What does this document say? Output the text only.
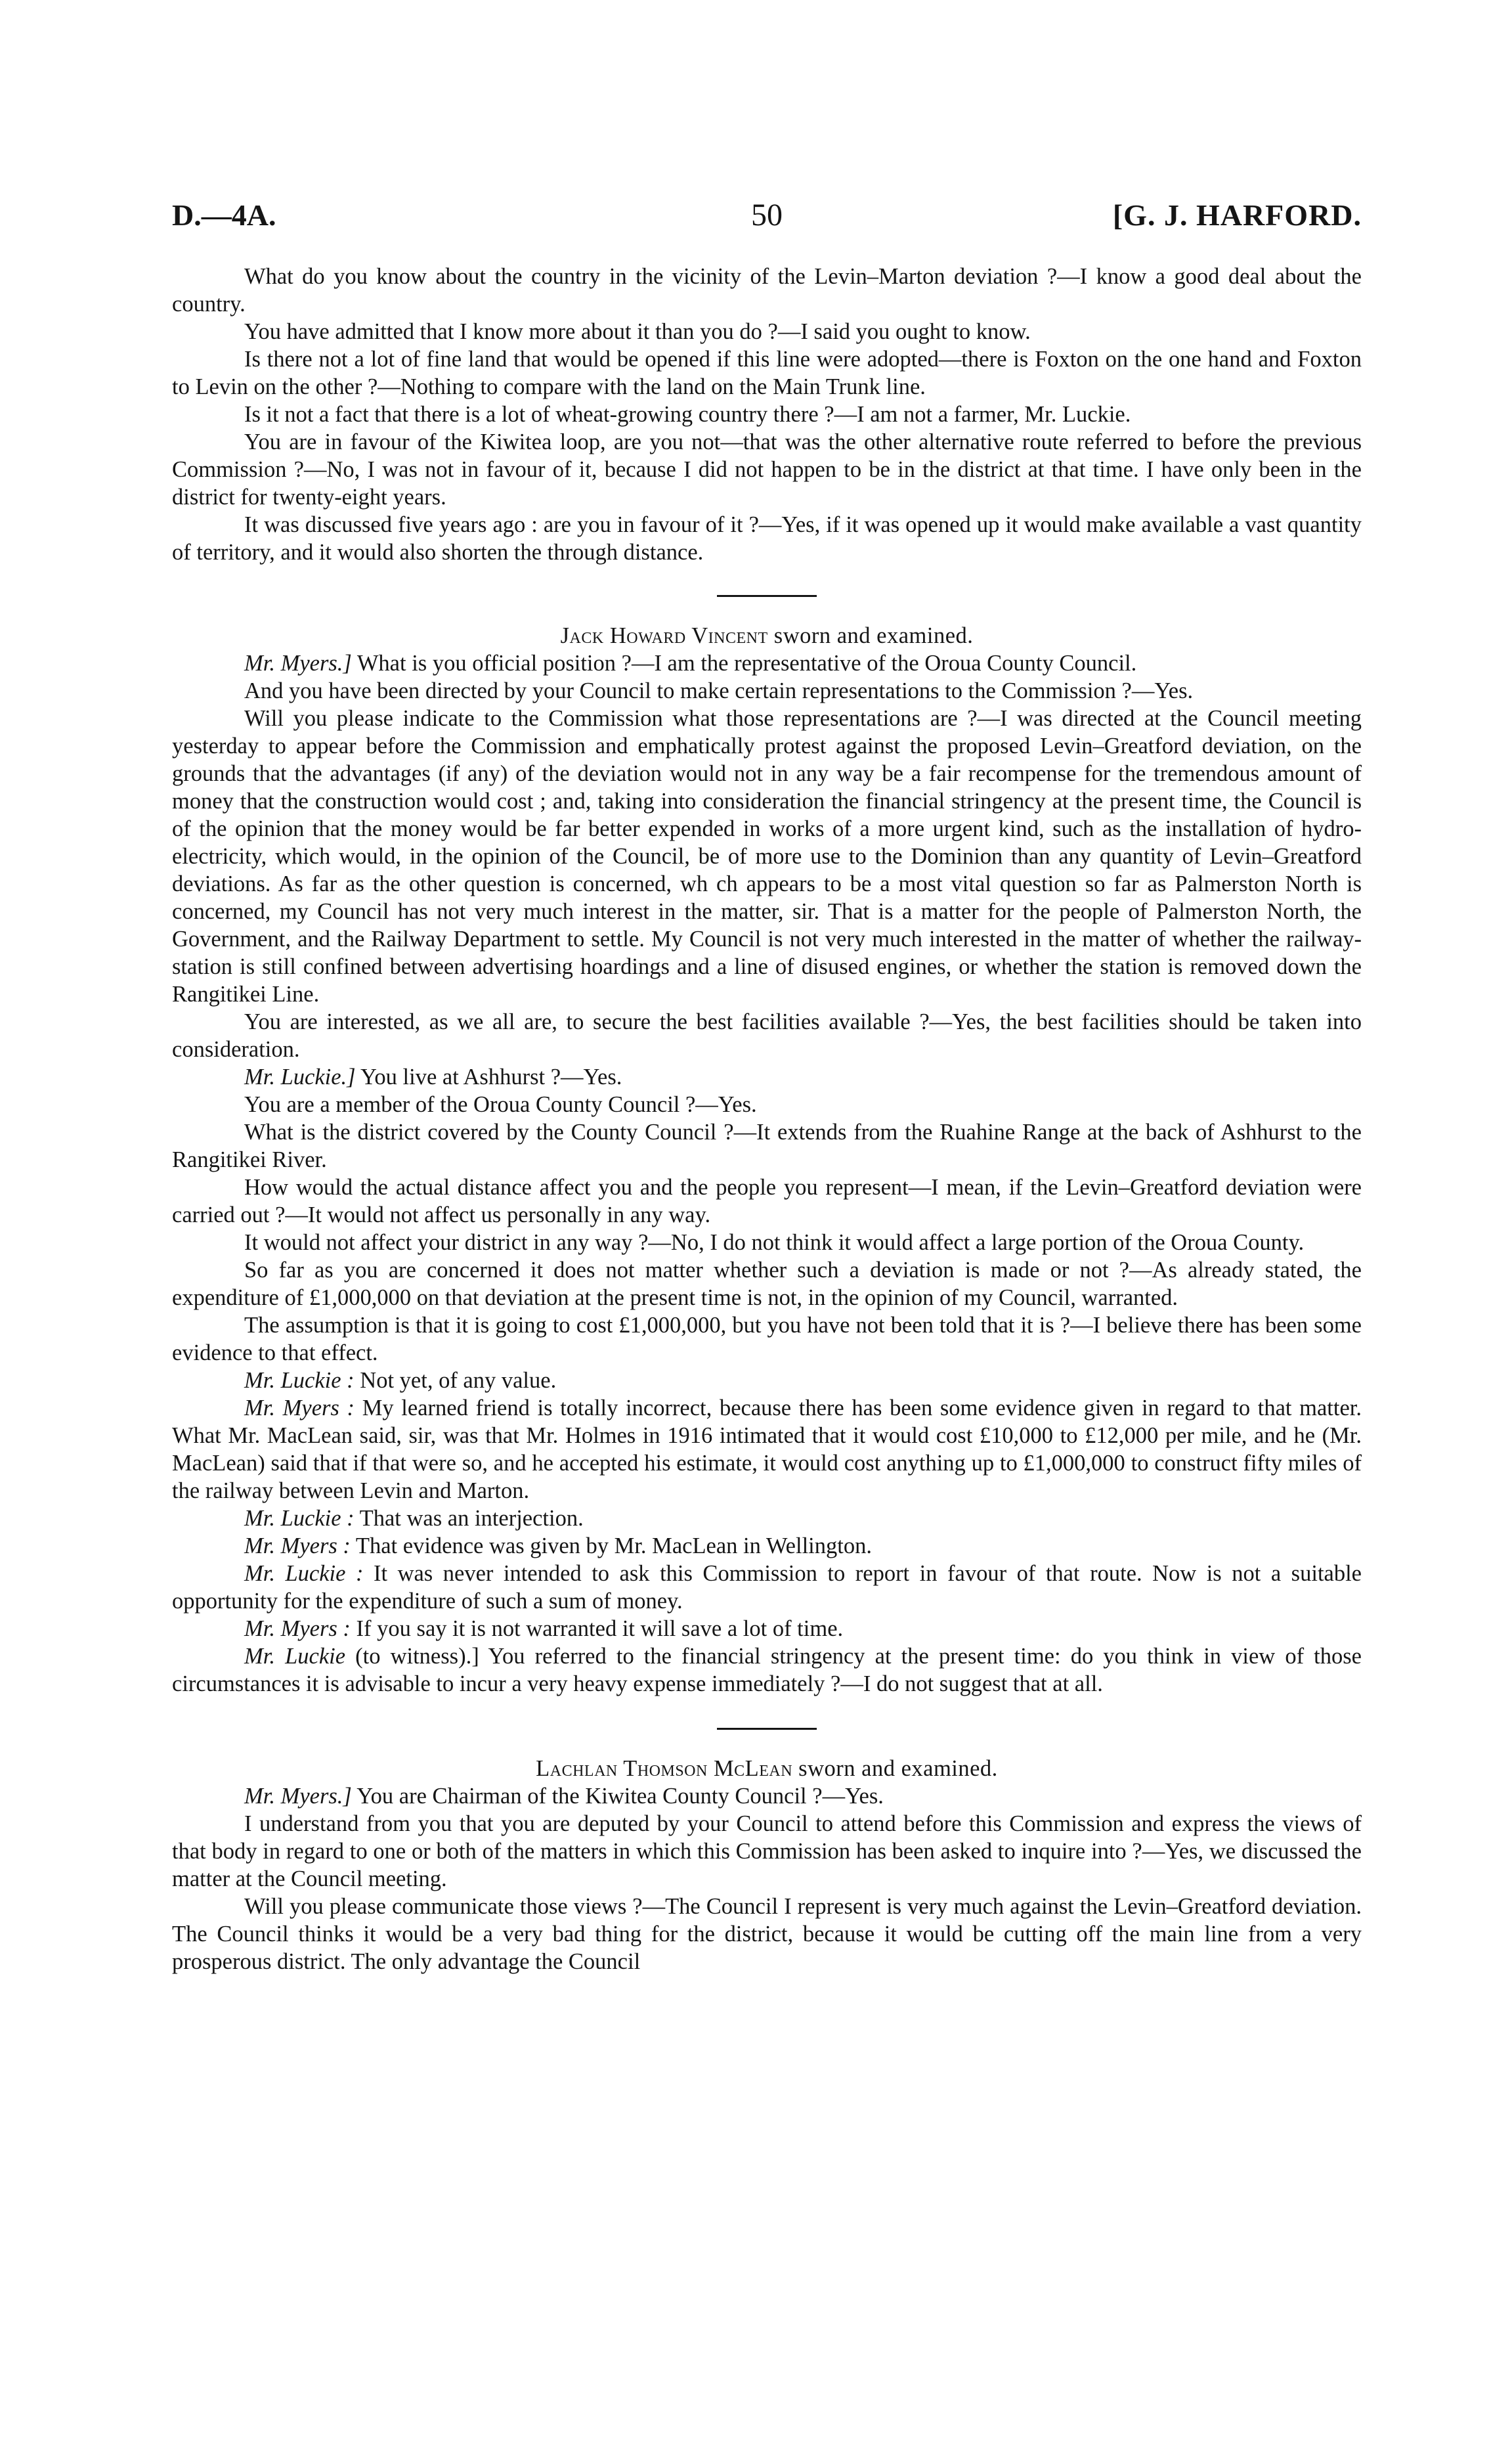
D.—4A.	50	[G. J. HARFORD.

What do you know about the country in the vicinity of the Levin–Marton deviation ?—I know a good deal about the country.

You have admitted that I know more about it than you do ?—I said you ought to know.

Is there not a lot of fine land that would be opened if this line were adopted—there is Foxton on the one hand and Foxton to Levin on the other ?—Nothing to compare with the land on the Main Trunk line.

Is it not a fact that there is a lot of wheat-growing country there ?—I am not a farmer, Mr. Luckie.

You are in favour of the Kiwitea loop, are you not—that was the other alternative route referred to before the previous Commission ?—No, I was not in favour of it, because I did not happen to be in the district at that time. I have only been in the district for twenty-eight years.

It was discussed five years ago : are you in favour of it ?—Yes, if it was opened up it would make available a vast quantity of territory, and it would also shorten the through distance.

Jack Howard Vincent sworn and examined.

Mr. Myers.] What is you official position ?—I am the representative of the Oroua County Council.

And you have been directed by your Council to make certain representations to the Commission ?—Yes.

Will you please indicate to the Commission what those representations are ?—I was directed at the Council meeting yesterday to appear before the Commission and emphatically protest against the proposed Levin–Greatford deviation, on the grounds that the advantages (if any) of the deviation would not in any way be a fair recompense for the tremendous amount of money that the construction would cost ; and, taking into consideration the financial stringency at the present time, the Council is of the opinion that the money would be far better expended in works of a more urgent kind, such as the installation of hydro-electricity, which would, in the opinion of the Council, be of more use to the Dominion than any quantity of Levin–Greatford deviations. As far as the other question is concerned, wh ch appears to be a most vital question so far as Palmerston North is concerned, my Council has not very much interest in the matter, sir. That is a matter for the people of Palmerston North, the Government, and the Railway Department to settle. My Council is not very much interested in the matter of whether the railway-station is still confined between advertising hoardings and a line of disused engines, or whether the station is removed down the Rangitikei Line.

You are interested, as we all are, to secure the best facilities available ?—Yes, the best facilities should be taken into consideration.

Mr. Luckie.] You live at Ashhurst ?—Yes.

You are a member of the Oroua County Council ?—Yes.

What is the district covered by the County Council ?—It extends from the Ruahine Range at the back of Ashhurst to the Rangitikei River.

How would the actual distance affect you and the people you represent—I mean, if the Levin–Greatford deviation were carried out ?—It would not affect us personally in any way.

It would not affect your district in any way ?—No, I do not think it would affect a large portion of the Oroua County.

So far as you are concerned it does not matter whether such a deviation is made or not ?—As already stated, the expenditure of £1,000,000 on that deviation at the present time is not, in the opinion of my Council, warranted.

The assumption is that it is going to cost £1,000,000, but you have not been told that it is ?—I believe there has been some evidence to that effect.

Mr. Luckie : Not yet, of any value.

Mr. Myers : My learned friend is totally incorrect, because there has been some evidence given in regard to that matter. What Mr. MacLean said, sir, was that Mr. Holmes in 1916 intimated that it would cost £10,000 to £12,000 per mile, and he (Mr. MacLean) said that if that were so, and he accepted his estimate, it would cost anything up to £1,000,000 to construct fifty miles of the railway between Levin and Marton.

Mr. Luckie : That was an interjection.

Mr. Myers : That evidence was given by Mr. MacLean in Wellington.

Mr. Luckie : It was never intended to ask this Commission to report in favour of that route. Now is not a suitable opportunity for the expenditure of such a sum of money.

Mr. Myers : If you say it is not warranted it will save a lot of time.

Mr. Luckie (to witness).] You referred to the financial stringency at the present time: do you think in view of those circumstances it is advisable to incur a very heavy expense immediately ?—I do not suggest that at all.

Lachlan Thomson McLean sworn and examined.

Mr. Myers.] You are Chairman of the Kiwitea County Council ?—Yes.

I understand from you that you are deputed by your Council to attend before this Commission and express the views of that body in regard to one or both of the matters in which this Commission has been asked to inquire into ?—Yes, we discussed the matter at the Council meeting.

Will you please communicate those views ?—The Council I represent is very much against the Levin–Greatford deviation. The Council thinks it would be a very bad thing for the district, because it would be cutting off the main line from a very prosperous district. The only advantage the Council
